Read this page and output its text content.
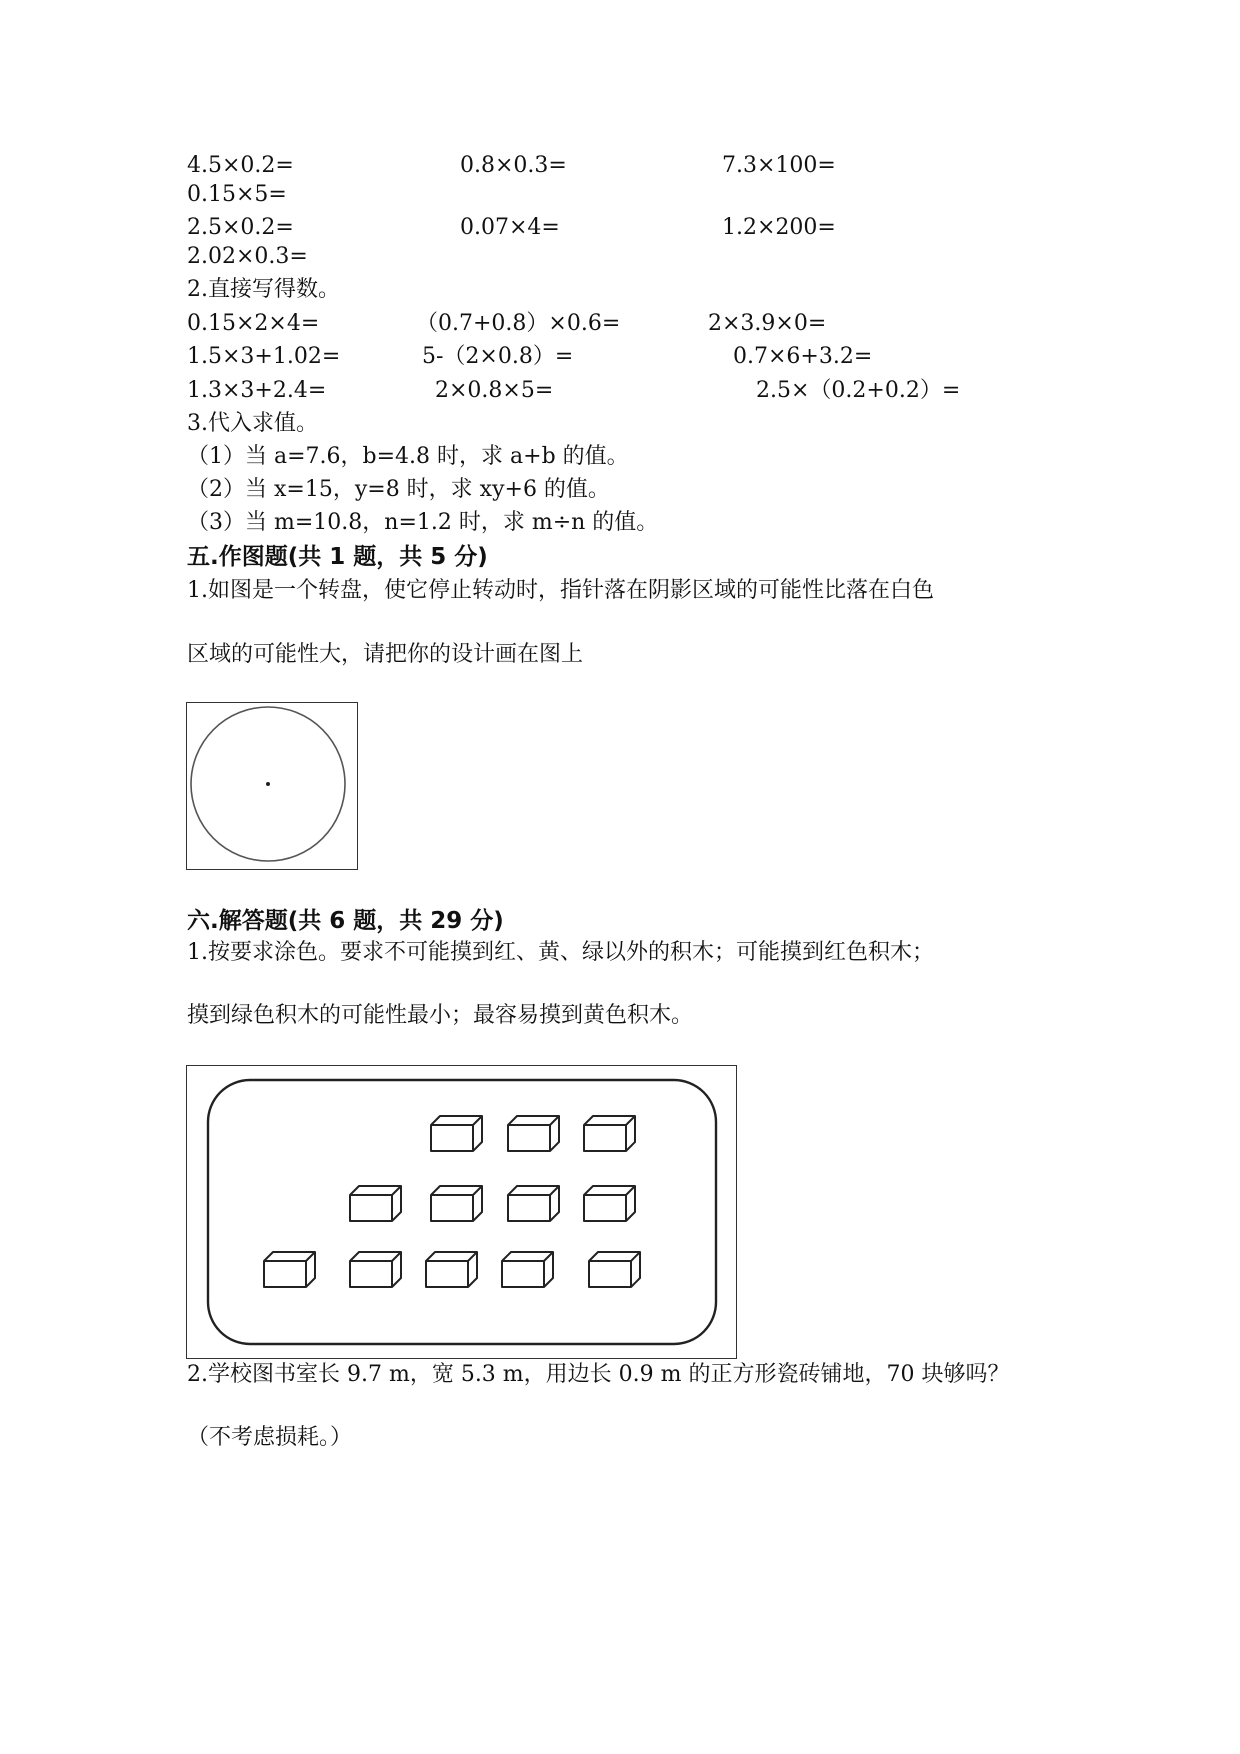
4.5×0.2=	0.8×0.3=	7.3×100=
0.15×5=
2.5×0.2=	0.07×4=	1.2×200=
2.02×0.3=
2.直接写得数。
0.15×2×4=	（0.7+0.8）×0.6=	2×3.9×0=
1.5×3+1.02=	5-（2×0.8）=	0.7×6+3.2=
1.3×3+2.4=	2×0.8×5=	2.5×（0.2+0.2）=
3.代入求值。
（1）当 a=7.6，b=4.8 时，求 a+b 的值。
（2）当 x=15，y=8 时，求 xy+6 的值。
（3）当 m=10.8，n=1.2 时，求 m÷n 的值。
五.作图题(共 1 题，共 5 分)
1.如图是一个转盘，使它停止转动时，指针落在阴影区域的可能性比落在白色
区域的可能性大，请把你的设计画在图上
六.解答题(共 6 题，共 29 分)
1.按要求涂色。要求不可能摸到红、黄、绿以外的积木；可能摸到红色积木；
摸到绿色积木的可能性最小；最容易摸到黄色积木。
2.学校图书室长 9.7 m，宽 5.3 m，用边长 0.9 m 的正方形瓷砖铺地，70 块够吗？
（不考虑损耗。）
